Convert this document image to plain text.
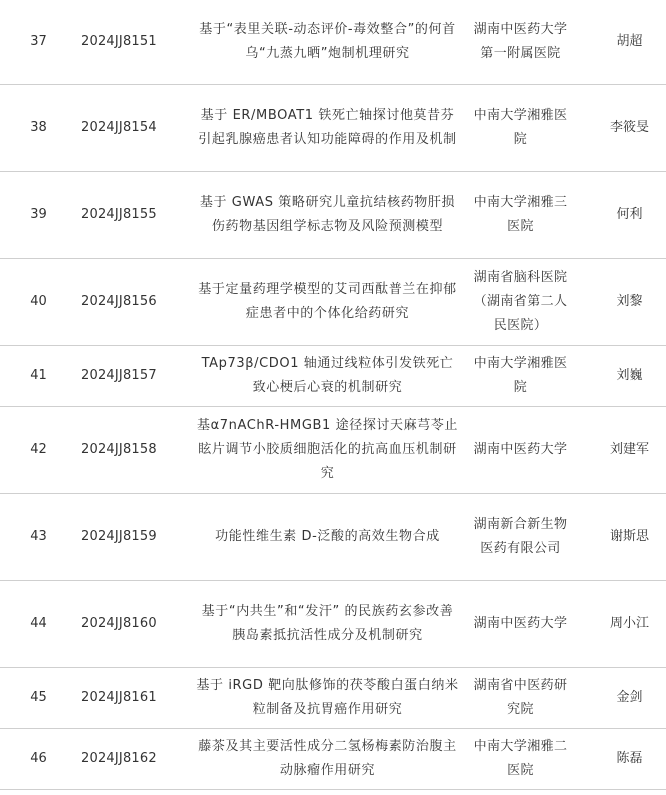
37	2024JJ8151	基于“表里关联-动态评价-毒效整合”的何首乌“九蒸九晒”炮制机理研究	湖南中医药大学第一附属医院	胡超
38	2024JJ8154	基于 ER/MBOAT1 铁死亡轴探讨他莫昔芬引起乳腺癌患者认知功能障碍的作用及机制	中南大学湘雅医院	李筱旻
39	2024JJ8155	基于 GWAS 策略研究儿童抗结核药物肝损伤药物基因组学标志物及风险预测模型	中南大学湘雅三医院	何利
40	2024JJ8156	基于定量药理学模型的艾司西酞普兰在抑郁症患者中的个体化给药研究	湖南省脑科医院（湖南省第二人民医院）	刘黎
41	2024JJ8157	TAp73β/CDO1 轴通过线粒体引发铁死亡致心梗后心衰的机制研究	中南大学湘雅医院	刘巍
42	2024JJ8158	基α7nAChR-HMGB1 途径探讨天麻芎苓止眩片调节小胶质细胞活化的抗高血压机制研究	湖南中医药大学	刘建军
43	2024JJ8159	功能性维生素 D-泛酸的高效生物合成	湖南新合新生物医药有限公司	谢斯思
44	2024JJ8160	基于“内共生”和“发汗” 的民族药玄参改善胰岛素抵抗活性成分及机制研究	湖南中医药大学	周小江
45	2024JJ8161	基于 iRGD 靶向肽修饰的茯苓酸白蛋白纳米粒制备及抗胃癌作用研究	湖南省中医药研究院	金剑
46	2024JJ8162	藤茶及其主要活性成分二氢杨梅素防治腹主动脉瘤作用研究	中南大学湘雅二医院	陈磊
